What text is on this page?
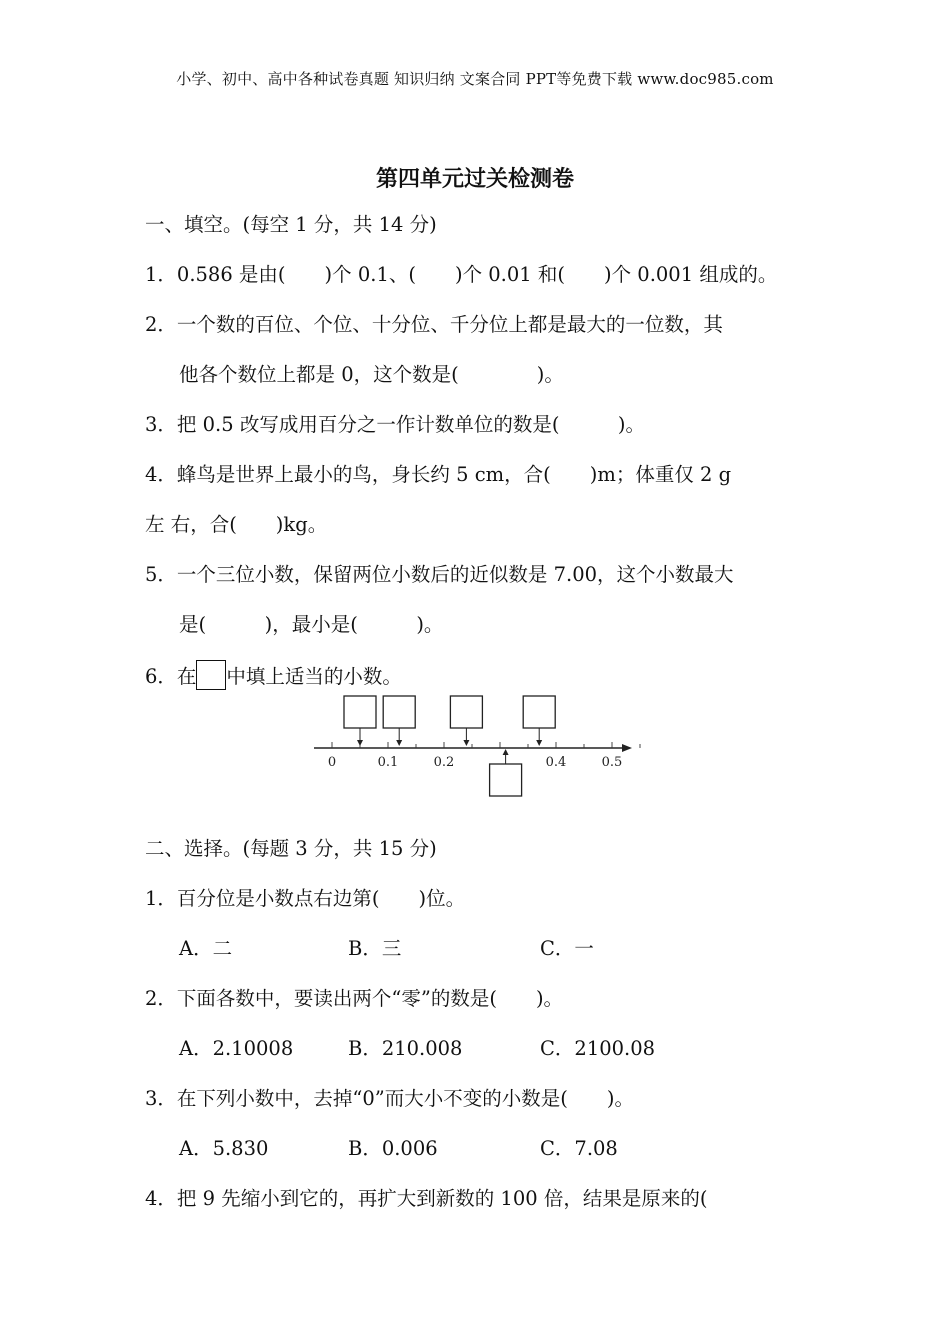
小学、初中、高中各种试卷真题 知识归纳 文案合同 PPT等免费下载 www.doc985.com
第四单元过关检测卷
一、填空。(每空 1 分，共 14 分)
1．0.586 是由(　　)个 0.1、(　　)个 0.01 和(　　)个 0.001 组成的。
2．一个数的百位、个位、十分位、千分位上都是最大的一位数，其
他各个数位上都是 0，这个数是(　　　　)。
3．把 0.5 改写成用百分之一作计数单位的数是(　　　)。
4．蜂鸟是世界上最小的鸟，身长约 5 cm，合(　　)m；体重仅 2 g
左 右，合(　　)kg。
5．一个三位小数，保留两位小数后的近似数是 7.00，这个小数最大
是(　　　)，最小是(　　　)。
6．在 中填上适当的小数。
0	0.1	0.2	0.4	0.5
二、选择。(每题 3 分，共 15 分)
1．百分位是小数点右边第(　　)位。
A．二	B．三	C．一
2．下面各数中，要读出两个“零”的数是(　　)。
A．2.10008	B．210.008	C．2100.08
3．在下列小数中，去掉“0”而大小不变的小数是(　　)。
A．5.830	B．0.006	C．7.08
4．把 9 先缩小到它的，再扩大到新数的 100 倍，结果是原来的(
